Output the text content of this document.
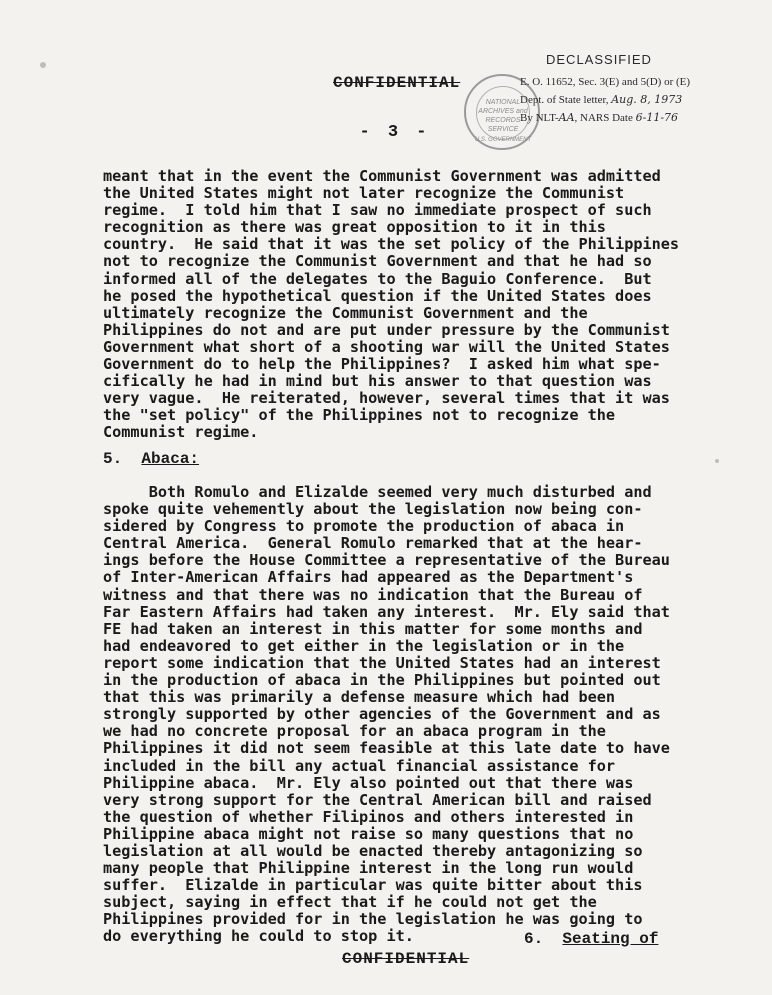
CONFIDENTIAL
NATIONAL
ARCHIVES and
RECORDS
SERVICE
U.S. GOVERNMENT
DECLASSIFIED
E. O. 11652, Sec. 3(E) and 5(D) or (E)
Dept. of State letter, Aug. 8, 1973
By NLT-AA, NARS Date 6-11-76
- 3 -
meant that in the event the Communist Government was admitted
the United States might not later recognize the Communist
regime.  I told him that I saw no immediate prospect of such
recognition as there was great opposition to it in this
country.  He said that it was the set policy of the Philippines
not to recognize the Communist Government and that he had so
informed all of the delegates to the Baguio Conference.  But
he posed the hypothetical question if the United States does
ultimately recognize the Communist Government and the
Philippines do not and are put under pressure by the Communist
Government what short of a shooting war will the United States
Government do to help the Philippines?  I asked him what spe-
cifically he had in mind but his answer to that question was
very vague.  He reiterated, however, several times that it was
the "set policy" of the Philippines not to recognize the
Communist regime.
5. Abaca:
Both Romulo and Elizalde seemed very much disturbed and
spoke quite vehemently about the legislation now being con-
sidered by Congress to promote the production of abaca in
Central America.  General Romulo remarked that at the hear-
ings before the House Committee a representative of the Bureau
of Inter-American Affairs had appeared as the Department's
witness and that there was no indication that the Bureau of
Far Eastern Affairs had taken any interest.  Mr. Ely said that
FE had taken an interest in this matter for some months and
had endeavored to get either in the legislation or in the
report some indication that the United States had an interest
in the production of abaca in the Philippines but pointed out
that this was primarily a defense measure which had been
strongly supported by other agencies of the Government and as
we had no concrete proposal for an abaca program in the
Philippines it did not seem feasible at this late date to have
included in the bill any actual financial assistance for
Philippine abaca.  Mr. Ely also pointed out that there was
very strong support for the Central American bill and raised
the question of whether Filipinos and others interested in
Philippine abaca might not raise so many questions that no
legislation at all would be enacted thereby antagonizing so
many people that Philippine interest in the long run would
suffer.  Elizalde in particular was quite bitter about this
subject, saying in effect that if he could not get the
Philippines provided for in the legislation he was going to
do everything he could to stop it.	6. Seating of
CONFIDENTIAL
